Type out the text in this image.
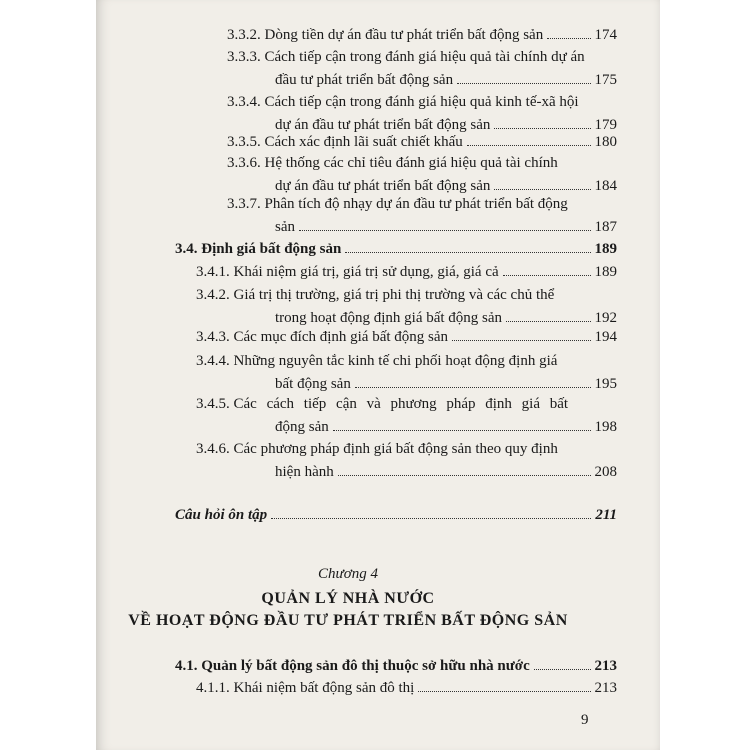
3.3.2. Dòng tiền dự án đầu tư phát triển bất động sản	174
3.3.3. Cách tiếp cận trong đánh giá hiệu quả tài chính dự án
đầu tư phát triển bất động sản	175
3.3.4. Cách tiếp cận trong đánh giá hiệu quả kinh tế-xã hội
dự án đầu tư phát triển bất động sản	179
3.3.5. Cách xác định lãi suất chiết khấu	180
3.3.6. Hệ thống các chỉ tiêu đánh giá hiệu quả tài chính
dự án đầu tư phát triển bất động sản	184
3.3.7. Phân tích độ nhạy dự án đầu tư phát triển bất động
sản	187
3.4. Định giá bất động sản	189
3.4.1. Khái niệm giá trị, giá trị sử dụng, giá, giá cả	189
3.4.2. Giá trị thị trường, giá trị phi thị trường và các chủ thể
trong hoạt động định giá bất động sản	192
3.4.3. Các mục đích định giá bất động sản	194
3.4.4. Những nguyên tắc kinh tế chi phối hoạt động định giá
bất động sản	195
3.4.5. Các cách tiếp cận và phương pháp định giá bất
động sản	198
3.4.6. Các phương pháp định giá bất động sản theo quy định
hiện hành	208
Câu hỏi ôn tập	211
Chương 4
QUẢN LÝ NHÀ NƯỚC
VỀ HOẠT ĐỘNG ĐẦU TƯ PHÁT TRIỂN BẤT ĐỘNG SẢN
4.1. Quản lý bất động sản đô thị thuộc sở hữu nhà nước	213
4.1.1. Khái niệm bất động sản đô thị	213
9
